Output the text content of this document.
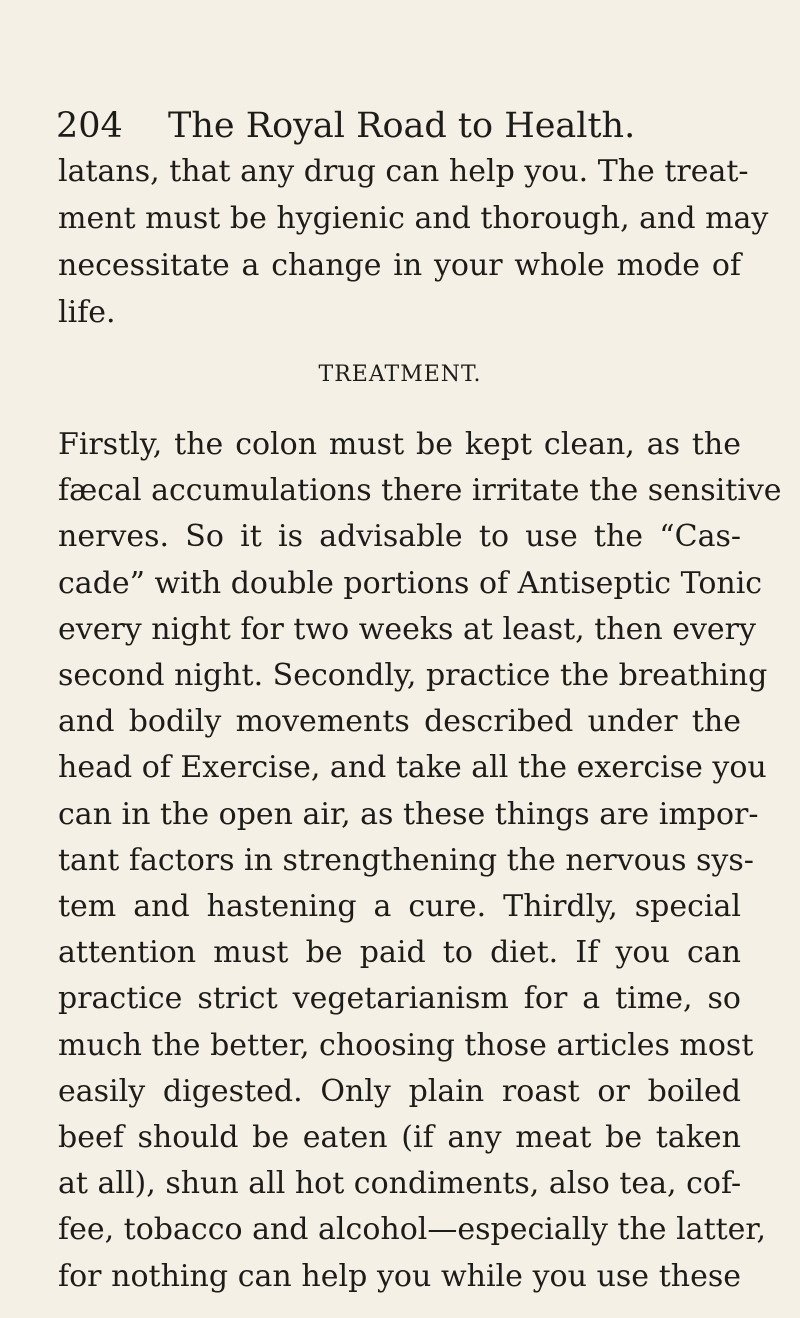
204 The Royal Road to Health.
latans, that any drug can help you. The treat-
ment must be hygienic and thorough, and may
necessitate a change in your whole mode of
life.
TREATMENT.
Firstly, the colon must be kept clean, as the
fæcal accumulations there irritate the sensitive
nerves. So it is advisable to use the “Cas-
cade” with double portions of Antiseptic Tonic
every night for two weeks at least, then every
second night. Secondly, practice the breathing
and bodily movements described under the
head of Exercise, and take all the exercise you
can in the open air, as these things are impor-
tant factors in strengthening the nervous sys-
tem and hastening a cure. Thirdly, special
attention must be paid to diet. If you can
practice strict vegetarianism for a time, so
much the better, choosing those articles most
easily digested. Only plain roast or boiled
beef should be eaten (if any meat be taken
at all), shun all hot condiments, also tea, cof-
fee, tobacco and alcohol—especially the latter,
for nothing can help you while you use these
